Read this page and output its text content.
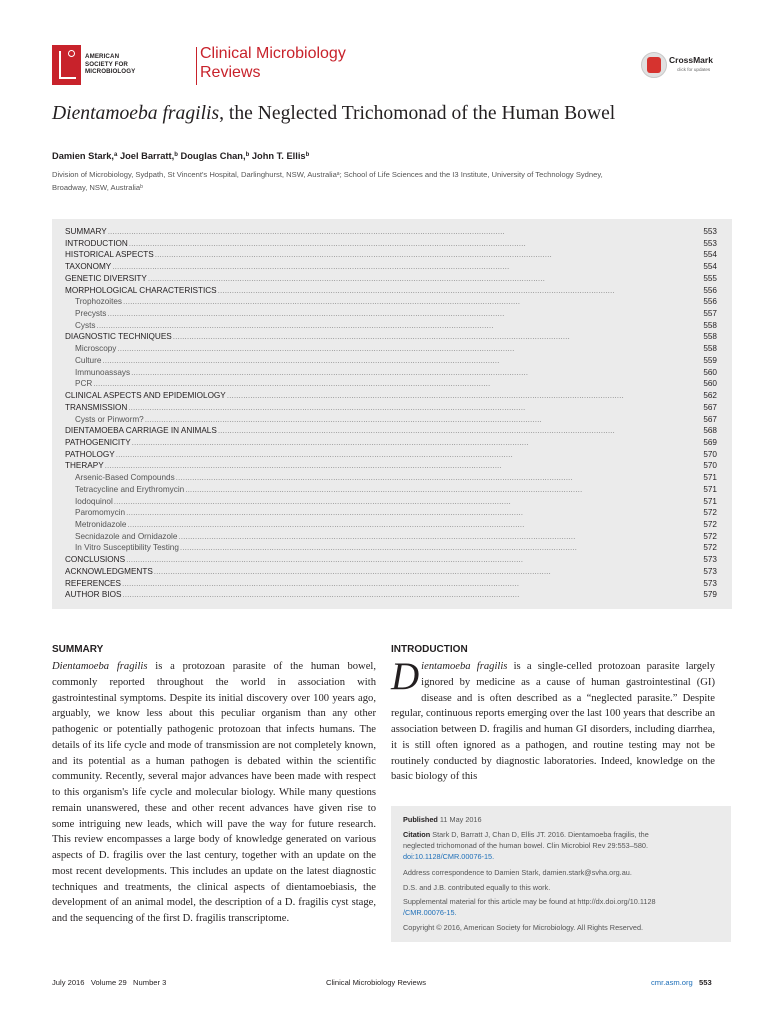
AMERICAN
SOCIETY FOR
MICROBIOLOGY
Clinical Microbiology
Reviews
CrossMark
click for updates
Dientamoeba fragilis, the Neglected Trichomonad of the Human Bowel
Damien Stark,$^a$ Joel Barratt,$^b$ Douglas Chan,$^b$ John T. Ellis$^b$
Division of Microbiology, Sydpath, St Vincent's Hospital, Darlinghurst, NSW, Australia$^a$; School of Life Sciences and the I3 Institute, University of Technology Sydney,
Broadway, NSW, Australia$^b$
SUMMARY . . .	553
INTRODUCTION . . .	553
HISTORICAL ASPECTS . . .	554
TAXONOMY . . .	554
GENETIC DIVERSITY . . .	555
MORPHOLOGICAL CHARACTERISTICS . . .	556
Trophozoites . . .	556
Precysts . . .	557
Cysts . . .	558
DIAGNOSTIC TECHNIQUES . . .	558
Microscopy . . .	558
Culture . . .	559
Immunoassays . . .	560
PCR . . .	560
CLINICAL ASPECTS AND EPIDEMIOLOGY . . .	562
TRANSMISSION . . .	567
Cysts or Pinworm? . . .	567
DIENTAMOEBA CARRIAGE IN ANIMALS . . .	568
PATHOGENICITY . . .	569
PATHOLOGY . . .	570
THERAPY . . .	570
Arsenic-Based Compounds . . .	571
Tetracycline and Erythromycin . . .	571
Iodoquinol . . .	571
Paromomycin . . .	572
Metronidazole . . .	572
Secnidazole and Ornidazole . . .	572
In Vitro Susceptibility Testing . . .	572
CONCLUSIONS . . .	573
ACKNOWLEDGMENTS . . .	573
REFERENCES . . .	573
AUTHOR BIOS . . .	579
SUMMARY
Dientamoeba fragilis is a protozoan parasite of the human bowel, commonly reported throughout the world in association with gastrointestinal symptoms. Despite its initial discovery over 100 years ago, arguably, we know less about this peculiar organism than any other pathogenic or potentially pathogenic protozoan that infects humans. The details of its life cycle and mode of transmission are not completely known, and its potential as a human pathogen is debated within the scientific community. Recently, several major advances have been made with respect to this organism's life cycle and molecular biology. While many questions remain unanswered, these and other recent advances have given rise to some intriguing new leads, which will pave the way for future research. This review encompasses a large body of knowledge generated on various aspects of D. fragilis over the last century, together with an update on the most recent developments. This includes an update on the latest diagnostic techniques and treatments, the clinical aspects of dientamoebiasis, the development of an animal model, the description of a D. fragilis cyst stage, and the sequencing of the first D. fragilis transcriptome.
INTRODUCTION
Dientamoeba fragilis is a single-celled protozoan parasite largely ignored by medicine as a cause of human gastrointestinal (GI) disease and is often described as a “neglected parasite.” Despite regular, continuous reports emerging over the last 100 years that describe an association between D. fragilis and human GI disorders, including diarrhea, it is still often ignored as a pathogen, and routine testing may not be routinely conducted by diagnostic laboratories. Indeed, knowledge on the basic biology of this
Published 11 May 2016
Citation Stark D, Barratt J, Chan D, Ellis JT. 2016. Dientamoeba fragilis, the
neglected trichomonad of the human bowel. Clin Microbiol Rev 29:553–580.
doi:10.1128/CMR.00076-15.
Address correspondence to Damien Stark, damien.stark@svha.org.au.
D.S. and J.B. contributed equally to this work.
Supplemental material for this article may be found at http://dx.doi.org/10.1128
/CMR.00076-15.
Copyright © 2016, American Society for Microbiology. All Rights Reserved.
July 2016   Volume 29   Number 3	Clinical Microbiology Reviews	cmr.asm.org 553
